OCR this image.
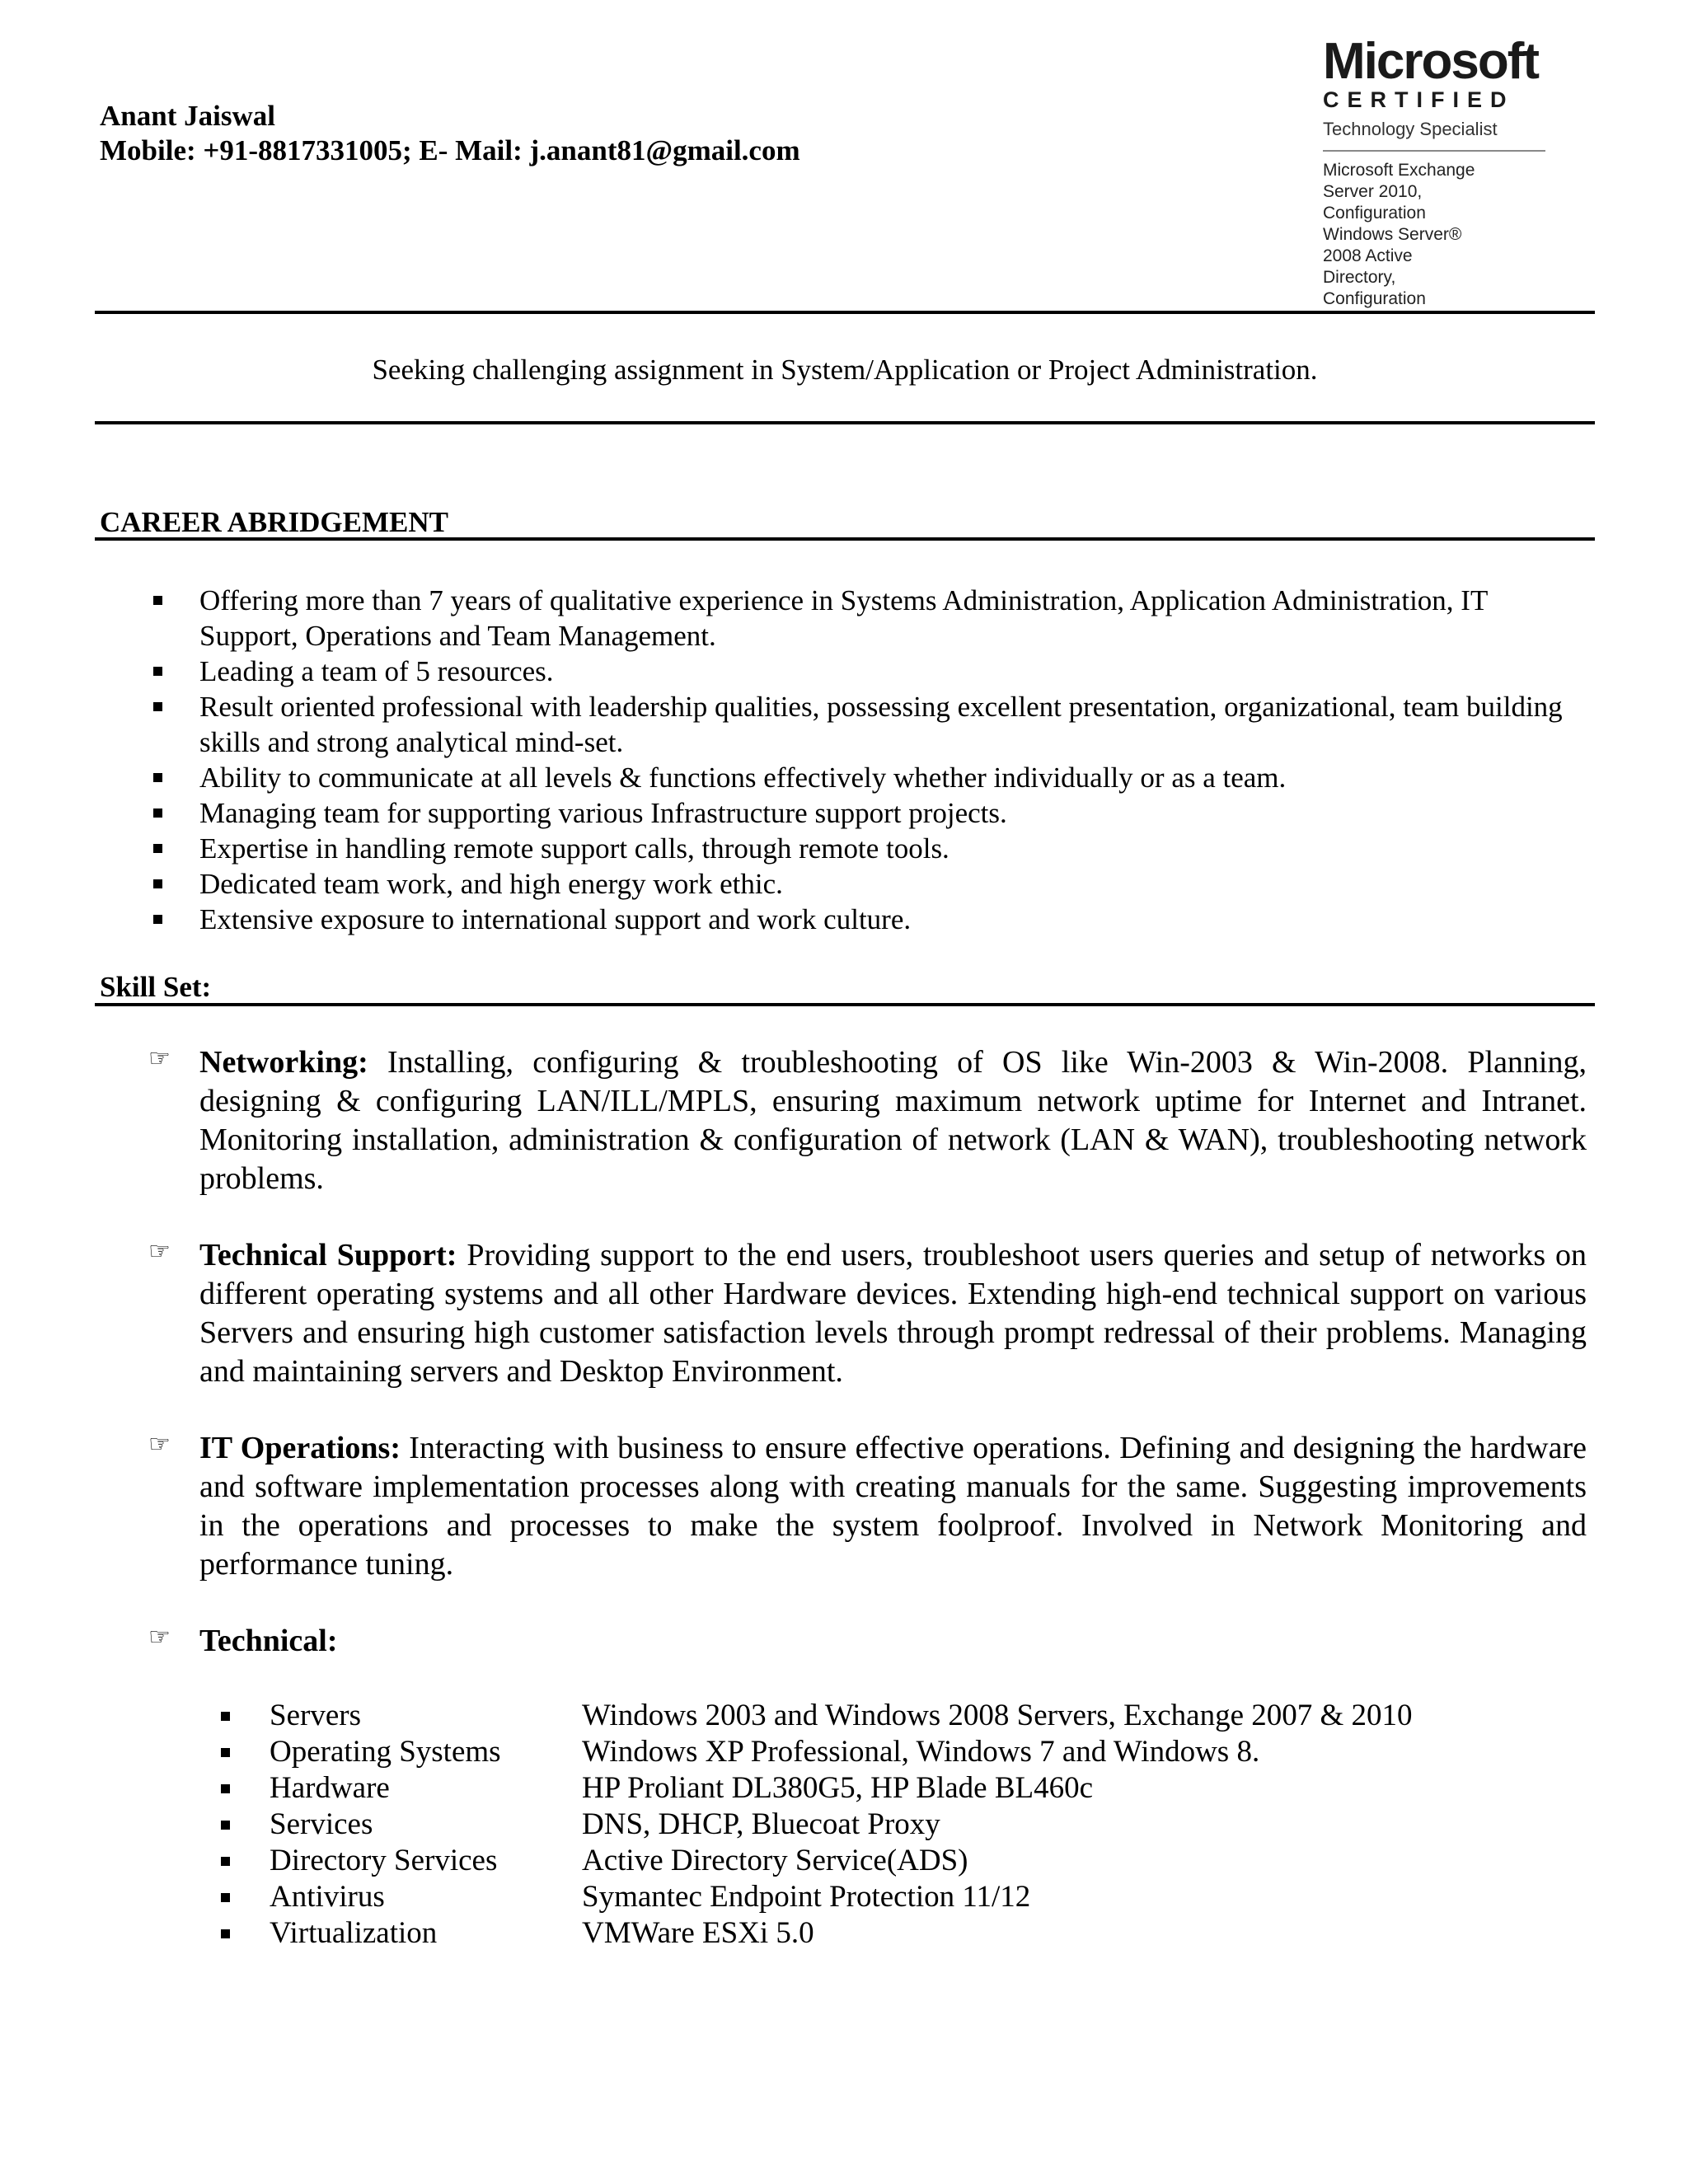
Anant Jaiswal
Mobile: +91-8817331005; E- Mail: j.anant81@gmail.com
Microsoft
CERTIFIED
Technology Specialist
Microsoft Exchange
Server 2010,
Configuration
Windows Server®
2008 Active
Directory,
Configuration
Seeking challenging assignment in System/Application or Project Administration.
CAREER ABRIDGEMENT
Offering more than 7 years of qualitative experience in Systems Administration, Application Administration, IT Support, Operations and Team Management.
Leading a team of 5 resources.
Result oriented professional with leadership qualities, possessing excellent presentation, organizational, team building skills and strong analytical mind-set.
Ability to communicate at all levels & functions effectively whether individually or as a team.
Managing team for supporting various Infrastructure support projects.
Expertise in handling remote support calls, through remote tools.
Dedicated team work, and high energy work ethic.
Extensive exposure to international support and work culture.
Skill Set:
☞ Networking: Installing, configuring & troubleshooting of OS like Win-2003 & Win-2008. Planning, designing & configuring LAN/ILL/MPLS, ensuring maximum network uptime for Internet and Intranet. Monitoring installation, administration & configuration of network (LAN & WAN), troubleshooting network problems.
☞ Technical Support: Providing support to the end users, troubleshoot users queries and setup of networks on different operating systems and all other Hardware devices. Extending high-end technical support on various Servers and ensuring high customer satisfaction levels through prompt redressal of their problems. Managing and maintaining servers and Desktop Environment.
☞ IT Operations: Interacting with business to ensure effective operations. Defining and designing the hardware and software implementation processes along with creating manuals for the same. Suggesting improvements in the operations and processes to make the system foolproof. Involved in Network Monitoring and performance tuning.
☞ Technical:
Servers	Windows 2003 and Windows 2008 Servers, Exchange 2007 & 2010
Operating Systems	Windows XP Professional, Windows 7 and Windows 8.
Hardware	HP Proliant DL380G5, HP Blade BL460c
Services	DNS, DHCP, Bluecoat Proxy
Directory Services	Active Directory Service(ADS)
Antivirus	Symantec Endpoint Protection 11/12
Virtualization	VMWare ESXi 5.0
